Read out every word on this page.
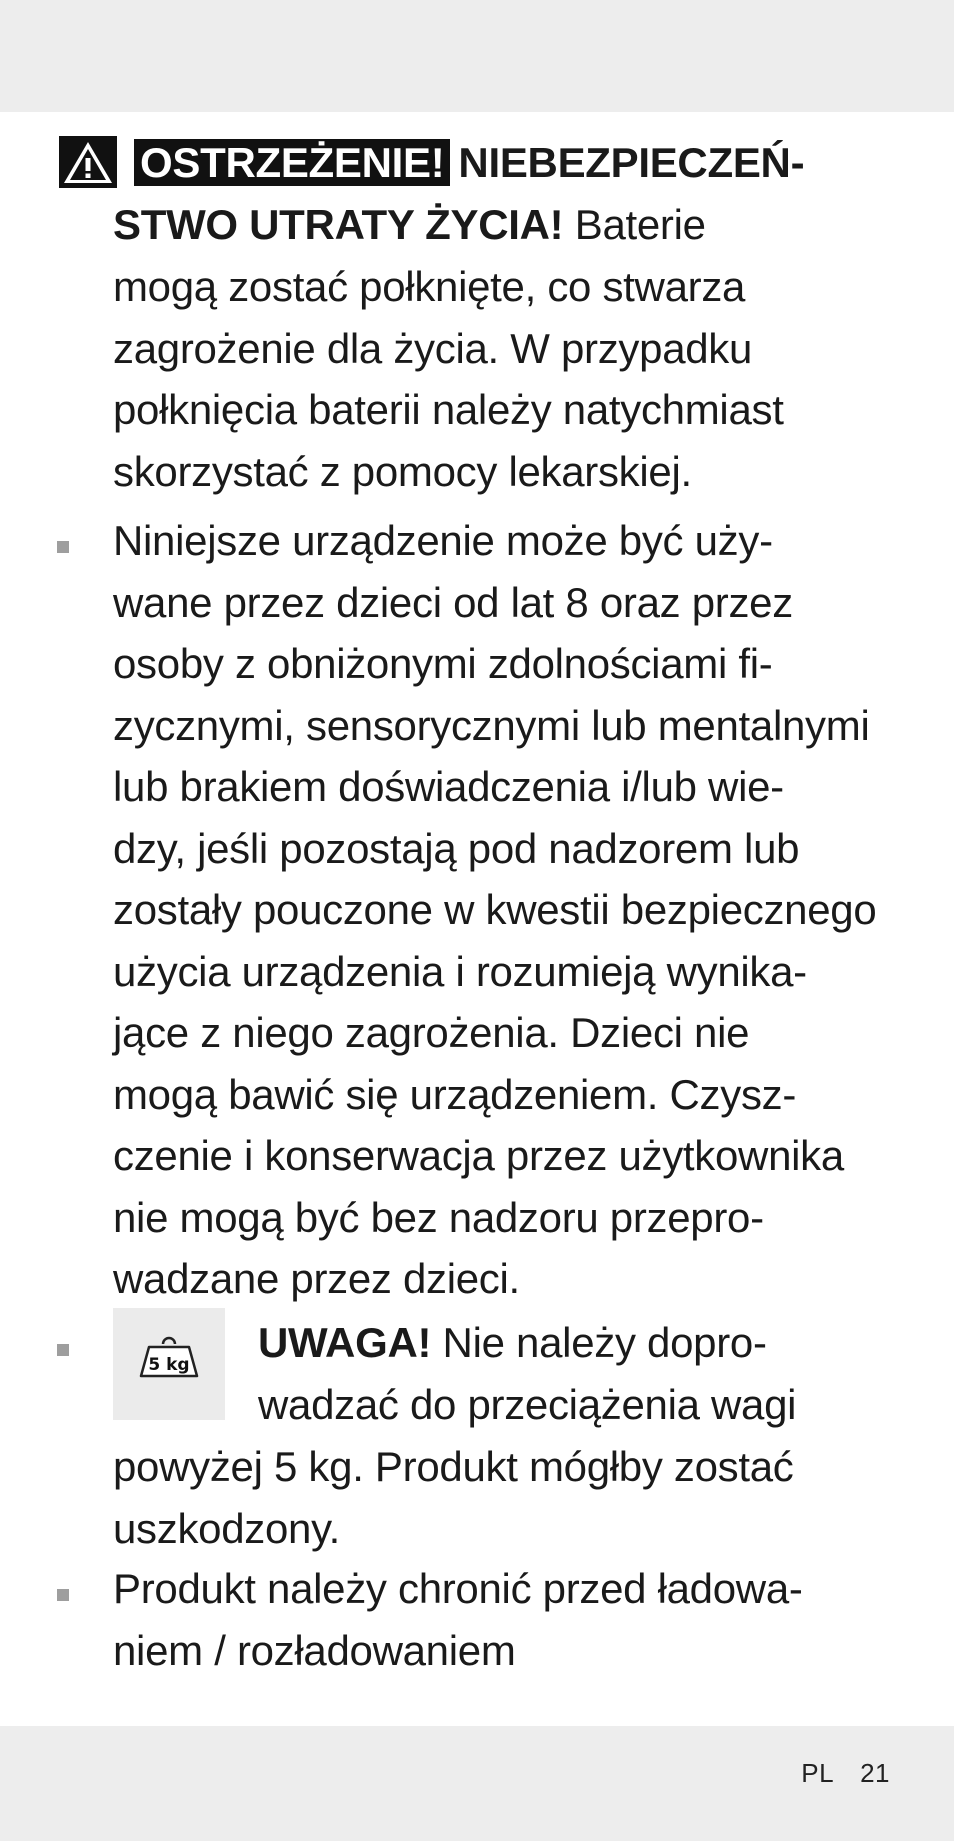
OSTRZEŻENIE! NIEBEZPIECZEŃ-
STWO UTRATY ŻYCIA! Baterie
mogą zostać połknięte, co stwarza
zagrożenie dla życia. W przypadku
połknięcia baterii należy natychmiast
skorzystać z pomocy lekarskiej.
Niniejsze urządzenie może być uży-
wane przez dzieci od lat 8 oraz przez
osoby z obniżonymi zdolnościami fi-
zycznymi, sensorycznymi lub mentalnymi
lub brakiem doświadczenia i/lub wie-
dzy, jeśli pozostają pod nadzorem lub
zostały pouczone w kwestii bezpiecznego
użycia urządzenia i rozumieją wynika-
jące z niego zagrożenia. Dzieci nie
mogą bawić się urządzeniem. Czysz-
czenie i konserwacja przez użytkownika
nie mogą być bez nadzoru przepro-
wadzane przez dzieci.
5 kg UWAGA! Nie należy dopro-
wadzać do przeciążenia wagi
powyżej 5 kg. Produkt mógłby zostać
uszkodzony.
Produkt należy chronić przed ładowa-
niem / rozładowaniem
PL 21
